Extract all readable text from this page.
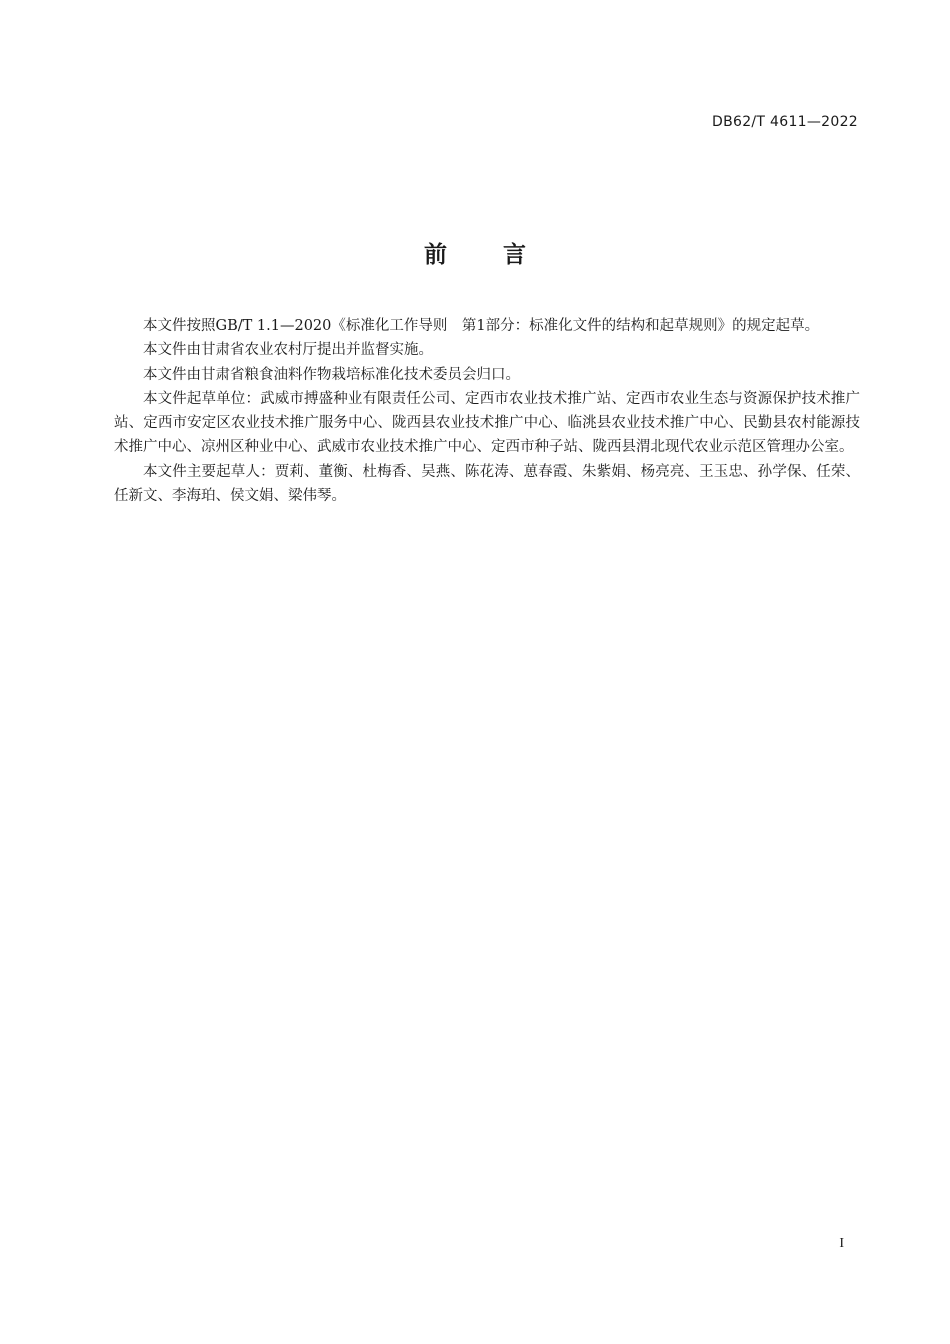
DB62/T 4611—2022
前言

本文件按照GB/T 1.1—2020《标准化工作导则　第1部分：标准化文件的结构和起草规则》的规定起草。

本文件由甘肃省农业农村厅提出并监督实施。

本文件由甘肃省粮食油料作物栽培标准化技术委员会归口。

本文件起草单位：武威市搏盛种业有限责任公司、定西市农业技术推广站、定西市农业生态与资源保护技术推广站、定西市安定区农业技术推广服务中心、陇西县农业技术推广中心、临洮县农业技术推广中心、民勤县农村能源技术推广中心、凉州区种业中心、武威市农业技术推广中心、定西市种子站、陇西县渭北现代农业示范区管理办公室。

本文件主要起草人：贾莉、董衡、杜梅香、吴燕、陈花涛、葸春霞、朱紫娟、杨亮亮、王玉忠、孙学保、任荣、任新文、李海珀、侯文娟、梁伟琴。

I
